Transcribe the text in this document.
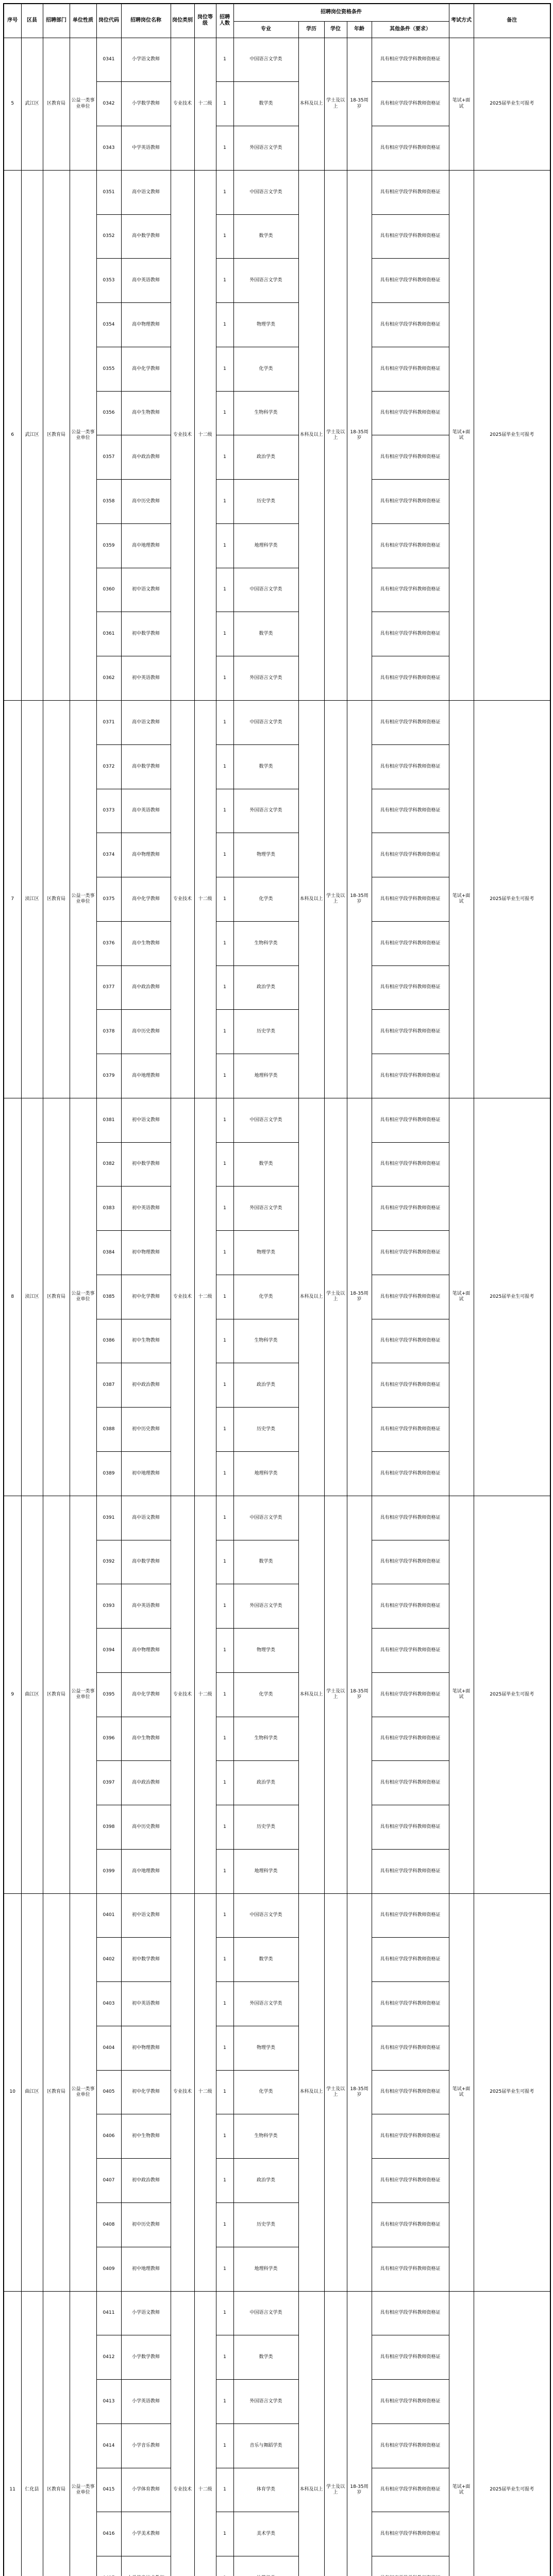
序号	区县	招聘部门	单位性质	岗位代码	招聘岗位名称	岗位类别	岗位等级	招聘人数	招聘岗位资格条件					考试方式	备注
									专业	学历	学位	年龄	其他条件（要求）		
5	武江区	区教育局	公益一类事业单位	0341	小学语文教师	专业技术	十二级	1	中国语言文学类	本科及以上	学士及以上	18-35周岁	具有相应学段学科教师资格证	笔试+面试	2025届毕业生可报考
				0342	小学数学教师			1	数学类				具有相应学段学科教师资格证		
				0343	中学英语教师			1	外国语言文学类				具有相应学段学科教师资格证		
6	武江区	区教育局	公益一类事业单位	0351	高中语文教师	专业技术	十二级	1	中国语言文学类	本科及以上	学士及以上	18-35周岁	具有相应学段学科教师资格证	笔试+面试	2025届毕业生可报考
				0352	高中数学教师			1	数学类				具有相应学段学科教师资格证		
				0353	高中英语教师			1	外国语言文学类				具有相应学段学科教师资格证		
				0354	高中物理教师			1	物理学类				具有相应学段学科教师资格证		
				0355	高中化学教师			1	化学类				具有相应学段学科教师资格证		
				0356	高中生物教师			1	生物科学类				具有相应学段学科教师资格证		
				0357	高中政治教师			1	政治学类				具有相应学段学科教师资格证		
				0358	高中历史教师			1	历史学类				具有相应学段学科教师资格证		
				0359	高中地理教师			1	地理科学类				具有相应学段学科教师资格证		
				0360	初中语文教师			1	中国语言文学类				具有相应学段学科教师资格证		
				0361	初中数学教师			1	数学类				具有相应学段学科教师资格证		
				0362	初中英语教师			1	外国语言文学类				具有相应学段学科教师资格证		
7	浈江区	区教育局	公益一类事业单位	0371	高中语文教师	专业技术	十二级	1	中国语言文学类	本科及以上	学士及以上	18-35周岁	具有相应学段学科教师资格证	笔试+面试	2025届毕业生可报考
				0372	高中数学教师			1	数学类				具有相应学段学科教师资格证		
				0373	高中英语教师			1	外国语言文学类				具有相应学段学科教师资格证		
				0374	高中物理教师			1	物理学类				具有相应学段学科教师资格证		
				0375	高中化学教师			1	化学类				具有相应学段学科教师资格证		
				0376	高中生物教师			1	生物科学类				具有相应学段学科教师资格证		
				0377	高中政治教师			1	政治学类				具有相应学段学科教师资格证		
				0378	高中历史教师			1	历史学类				具有相应学段学科教师资格证		
				0379	高中地理教师			1	地理科学类				具有相应学段学科教师资格证		
8	浈江区	区教育局	公益一类事业单位	0381	初中语文教师	专业技术	十二级	1	中国语言文学类	本科及以上	学士及以上	18-35周岁	具有相应学段学科教师资格证	笔试+面试	2025届毕业生可报考
				0382	初中数学教师			1	数学类				具有相应学段学科教师资格证		
				0383	初中英语教师			1	外国语言文学类				具有相应学段学科教师资格证		
				0384	初中物理教师			1	物理学类				具有相应学段学科教师资格证		
				0385	初中化学教师			1	化学类				具有相应学段学科教师资格证		
				0386	初中生物教师			1	生物科学类				具有相应学段学科教师资格证		
				0387	初中政治教师			1	政治学类				具有相应学段学科教师资格证		
				0388	初中历史教师			1	历史学类				具有相应学段学科教师资格证		
				0389	初中地理教师			1	地理科学类				具有相应学段学科教师资格证		
9	曲江区	区教育局	公益一类事业单位	0391	高中语文教师	专业技术	十二级	1	中国语言文学类	本科及以上	学士及以上	18-35周岁	具有相应学段学科教师资格证	笔试+面试	2025届毕业生可报考
				0392	高中数学教师			1	数学类				具有相应学段学科教师资格证		
				0393	高中英语教师			1	外国语言文学类				具有相应学段学科教师资格证		
				0394	高中物理教师			1	物理学类				具有相应学段学科教师资格证		
				0395	高中化学教师			1	化学类				具有相应学段学科教师资格证		
				0396	高中生物教师			1	生物科学类				具有相应学段学科教师资格证		
				0397	高中政治教师			1	政治学类				具有相应学段学科教师资格证		
				0398	高中历史教师			1	历史学类				具有相应学段学科教师资格证		
				0399	高中地理教师			1	地理科学类				具有相应学段学科教师资格证		
10	曲江区	区教育局	公益一类事业单位	0401	初中语文教师	专业技术	十二级	1	中国语言文学类	本科及以上	学士及以上	18-35周岁	具有相应学段学科教师资格证	笔试+面试	2025届毕业生可报考
				0402	初中数学教师			1	数学类				具有相应学段学科教师资格证		
				0403	初中英语教师			1	外国语言文学类				具有相应学段学科教师资格证		
				0404	初中物理教师			1	物理学类				具有相应学段学科教师资格证		
				0405	初中化学教师			1	化学类				具有相应学段学科教师资格证		
				0406	初中生物教师			1	生物科学类				具有相应学段学科教师资格证		
				0407	初中政治教师			1	政治学类				具有相应学段学科教师资格证		
				0408	初中历史教师			1	历史学类				具有相应学段学科教师资格证		
				0409	初中地理教师			1	地理科学类				具有相应学段学科教师资格证		
11	仁化县	区教育局	公益一类事业单位	0411	小学语文教师	专业技术	十二级	1	中国语言文学类	本科及以上	学士及以上	18-35周岁	具有相应学段学科教师资格证	笔试+面试	2025届毕业生可报考
				0412	小学数学教师			1	数学类				具有相应学段学科教师资格证		
				0413	小学英语教师			1	外国语言文学类				具有相应学段学科教师资格证		
				0414	小学音乐教师			1	音乐与舞蹈学类				具有相应学段学科教师资格证		
				0415	小学体育教师			1	体育学类				具有相应学段学科教师资格证		
				0416	小学美术教师			1	美术学类				具有相应学段学科教师资格证		
